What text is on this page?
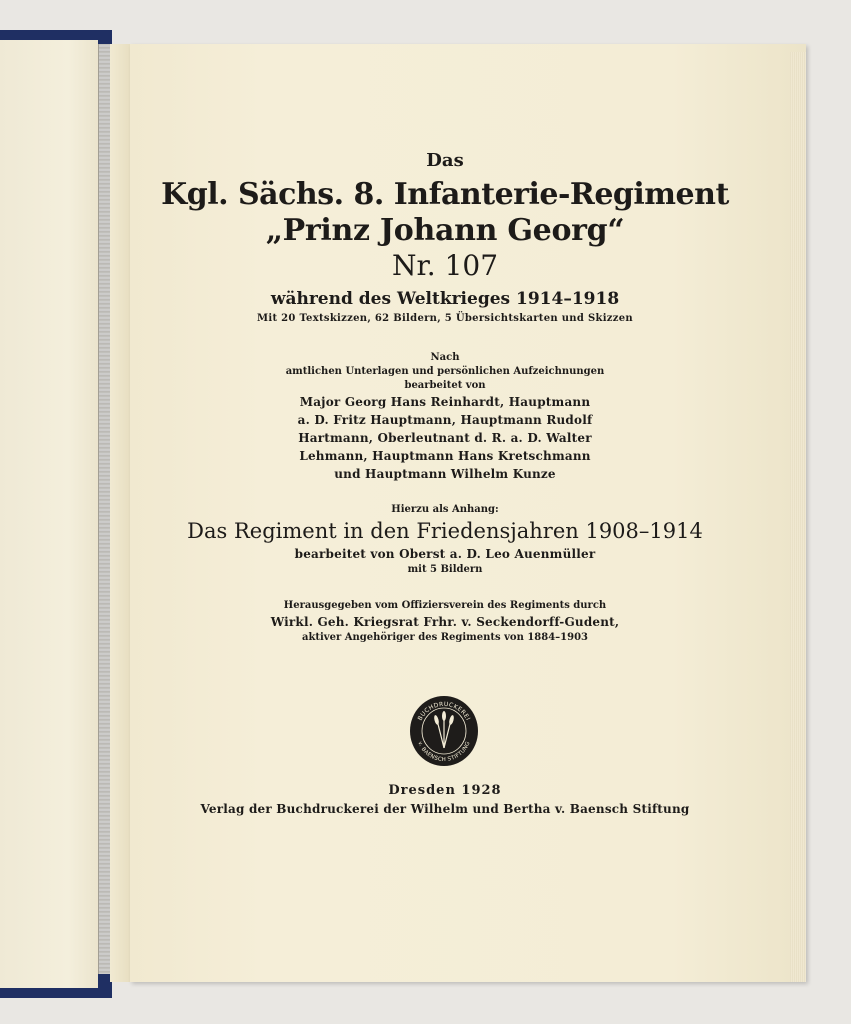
Das
Kgl. Sächs. 8. Infanterie-Regiment
„Prinz Johann Georg“
Nr. 107
während des Weltkrieges 1914–1918
Mit 20 Textskizzen, 62 Bildern, 5 Übersichtskarten und Skizzen
Nach
amtlichen Unterlagen und persönlichen Aufzeichnungen
bearbeitet von
Major Georg Hans Reinhardt, Hauptmann
a. D. Fritz Hauptmann, Hauptmann Rudolf
Hartmann, Oberleutnant d. R. a. D. Walter
Lehmann, Hauptmann Hans Kretschmann
und Hauptmann Wilhelm Kunze
Hierzu als Anhang:
Das Regiment in den Friedensjahren 1908–1914
bearbeitet von Oberst a. D. Leo Auenmüller
mit 5 Bildern
Herausgegeben vom Offiziersverein des Regiments durch
Wirkl. Geh. Kriegsrat Frhr. v. Seckendorff-Gudent,
aktiver Angehöriger des Regiments von 1884–1903
BUCHDRUCKEREI
v. BAENSCH STIFTUNG
Dresden 1928
Verlag der Buchdruckerei der Wilhelm und Bertha v. Baensch Stiftung
